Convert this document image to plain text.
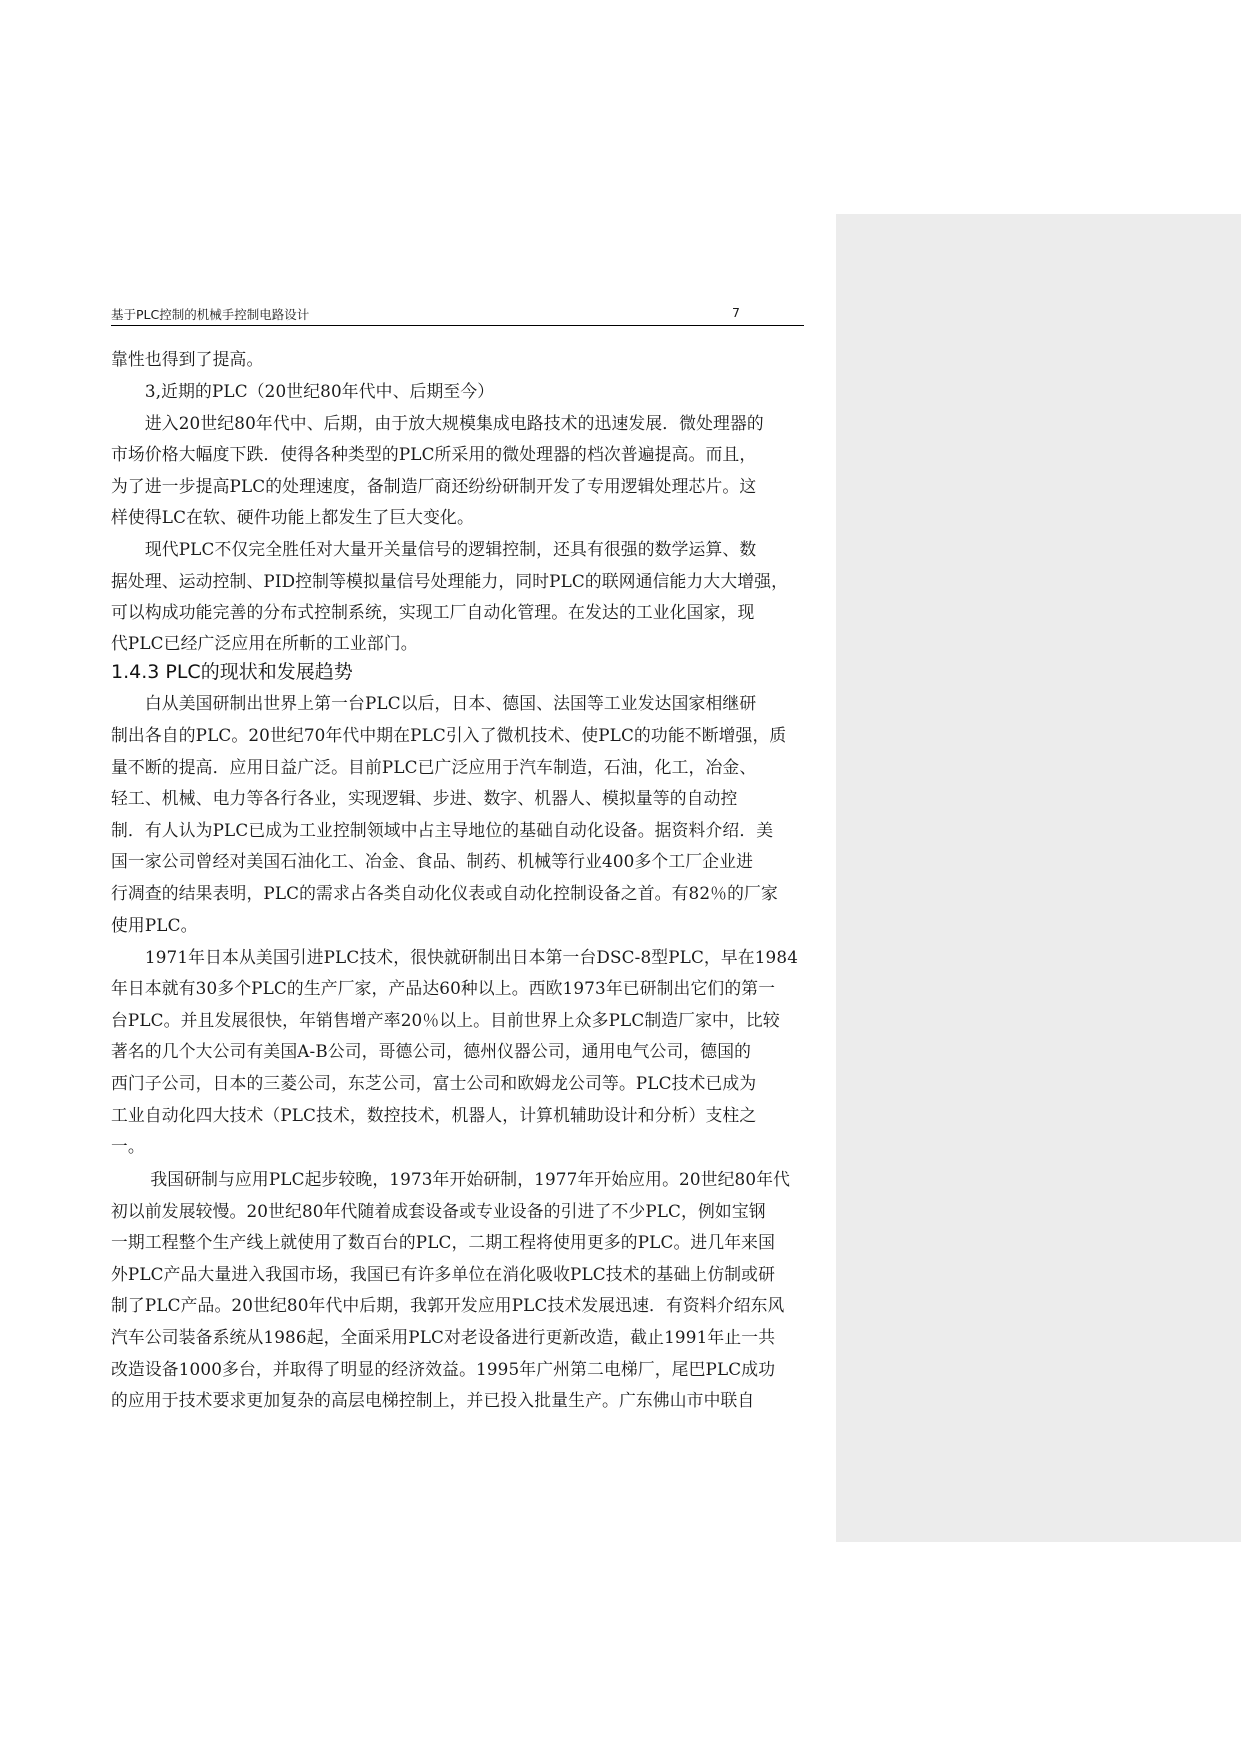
基于PLC控制的机械手控制电路设计	7
靠性也得到了提高。
　　3,近期的PLC（20世纪80年代中、后期至今）
　　进入20世纪80年代中、后期，由于放大规模集成电路技术的迅速发展．微处理器的
市场价格大幅度下跌．使得各种类型的PLC所采用的微处理器的档次普遍提高。而且，
为了进一步提高PLC的处理速度，备制造厂商还纷纷研制开发了专用逻辑处理芯片。这
样使得LC在软、硬件功能上都发生了巨大变化。
　　现代PLC不仅完全胜任对大量开关量信号的逻辑控制，还具有很强的数学运算、数
据处理、运动控制、PID控制等模拟量信号处理能力，同时PLC的联网通信能力大大增强，
可以构成功能完善的分布式控制系统，实现工厂自动化管理。在发达的工业化国家，现
代PLC已经广泛应用在所斬的工业部门。
1.4.3 PLC的现状和发展趋势
　　白从美国研制出世界上第一台PLC以后，日本、德国、法国等工业发达国家相继研
制出各自的PLC。20世纪70年代中期在PLC引入了微机技术、使PLC的功能不断增强，质
量不断的提高．应用日益广泛。目前PLC已广泛应用于汽车制造，石油，化工，冶金、
轻工、机械、电力等各行各业，实现逻辑、步进、数字、机器人、模拟量等的自动控
制．有人认为PLC已成为工业控制领域中占主导地位的基础自动化设备。据资料介绍．美
国一家公司曾经对美国石油化工、冶金、食品、制药、机械等行业400多个工厂企业进
行凋查的结果表明，PLC的需求占各类自动化仪表或自动化控制设备之首。有82％的厂家
使用PLC。
　　1971年日本从美国引进PLC技术，很快就研制出日本第一台DSC-8型PLC，早在1984
年日本就有30多个PLC的生产厂家，产品达60种以上。西欧1973年已研制出它们的第一
台PLC。并且发展很快，年销售增产率20％以上。目前世界上众多PLC制造厂家中，比较
著名的几个大公司有美国A-B公司，哥德公司，德州仪器公司，通用电气公司，德国的
西门子公司，日本的三菱公司，东芝公司，富士公司和欧姆龙公司等。PLC技术已成为
工业自动化四大技术（PLC技术，数控技术，机器人，计算机辅助设计和分析）支柱之
一。
　　 我国研制与应用PLC起步较晚，1973年开始研制，1977年开始应用。20世纪80年代
初以前发展较慢。20世纪80年代随着成套设备或专业设备的引进了不少PLC，例如宝钢
一期工程整个生产线上就使用了数百台的PLC，二期工程将使用更多的PLC。进几年来国
外PLC产品大量进入我国市场，我国已有许多单位在消化吸收PLC技术的基础上仿制或研
制了PLC产品。20世纪80年代中后期，我郭开发应用PLC技术发展迅速．有资料介绍东风
汽车公司装备系统从1986起，全面采用PLC对老设备进行更新改造，截止1991年止一共
改造设备1000多台，并取得了明显的经济效益。1995年广州第二电梯厂，尾巴PLC成功
的应用于技术要求更加复杂的高层电梯控制上，并已投入批量生产。广东佛山市中联自
